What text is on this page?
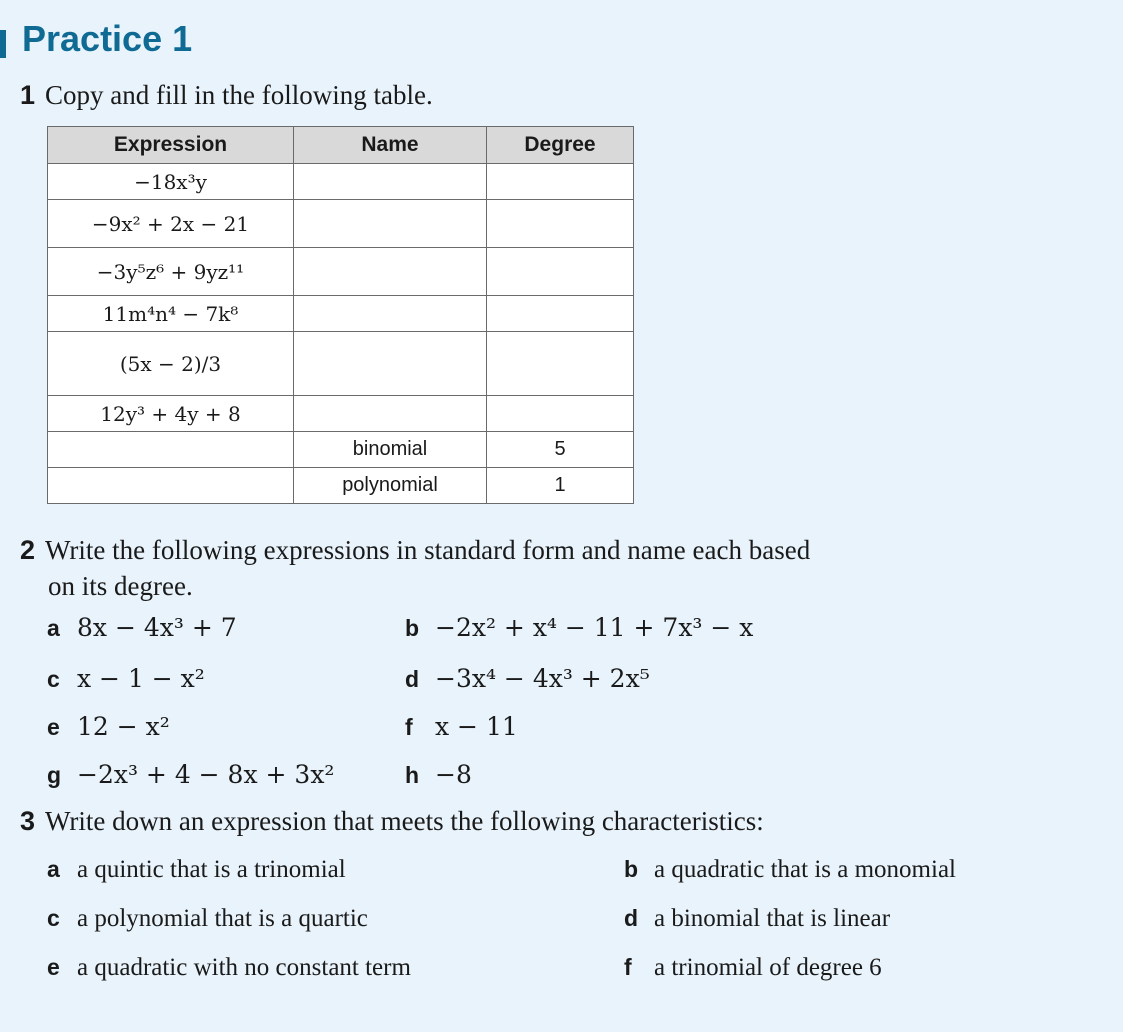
Practice 1
1 Copy and fill in the following table.
Expression	Name	Degree
−18x³y		
−9x² + 2x − 21		
−3y⁵z⁶ + 9yz¹¹		
11m⁴n⁴ − 7k⁸		
(5x − 2)/3		
12y³ + 4y + 8		
	binomial	5
	polynomial	1
2 Write the following expressions in standard form and name each based
on its degree.
a 8x − 4x³ + 7	b −2x² + x⁴ − 11 + 7x³ − x
c x − 1 − x²	d −3x⁴ − 4x³ + 2x⁵
e 12 − x²	f x − 11
g −2x³ + 4 − 8x + 3x²	h −8
3 Write down an expression that meets the following characteristics:
a a quintic that is a trinomial	b a quadratic that is a monomial
c a polynomial that is a quartic	d a binomial that is linear
e a quadratic with no constant term	f a trinomial of degree 6
